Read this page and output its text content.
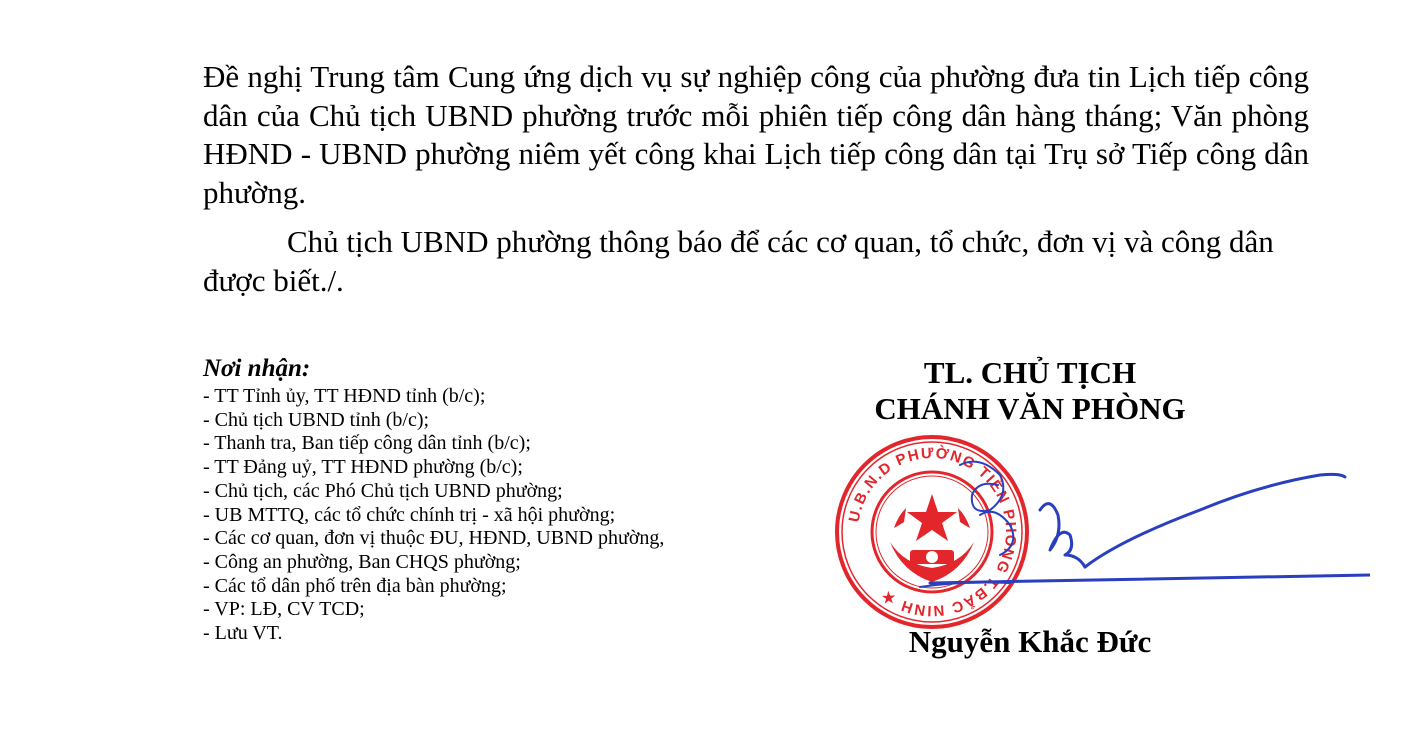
Đề nghị Trung tâm Cung ứng dịch vụ sự nghiệp công của phường đưa tin Lịch tiếp công dân của Chủ tịch UBND phường trước mỗi phiên tiếp công dân hàng tháng; Văn phòng HĐND - UBND phường niêm yết công khai Lịch tiếp công dân tại Trụ sở Tiếp công dân phường.

Chủ tịch UBND phường thông báo để các cơ quan, tổ chức, đơn vị và công dân được biết./.

Nơi nhận:
- TT Tỉnh ủy, TT HĐND tỉnh (b/c);
- Chủ tịch UBND tỉnh (b/c);
- Thanh tra, Ban tiếp công dân tỉnh (b/c);
- TT Đảng uỷ, TT HĐND phường (b/c);
- Chủ tịch, các Phó Chủ tịch UBND phường;
- UB MTTQ, các tổ chức chính trị - xã hội phường;
- Các cơ quan, đơn vị thuộc ĐU, HĐND, UBND phường,
- Công an phường, Ban CHQS phường;
- Các tổ dân phố trên địa bàn phường;
- VP: LĐ, CV TCD;
- Lưu VT.
TL. CHỦ TỊCH
CHÁNH VĂN PHÒNG
U.B.N.D PHƯỜNG TIỀN PHONG T.BẮC NINH ★
Nguyễn Khắc Đức
